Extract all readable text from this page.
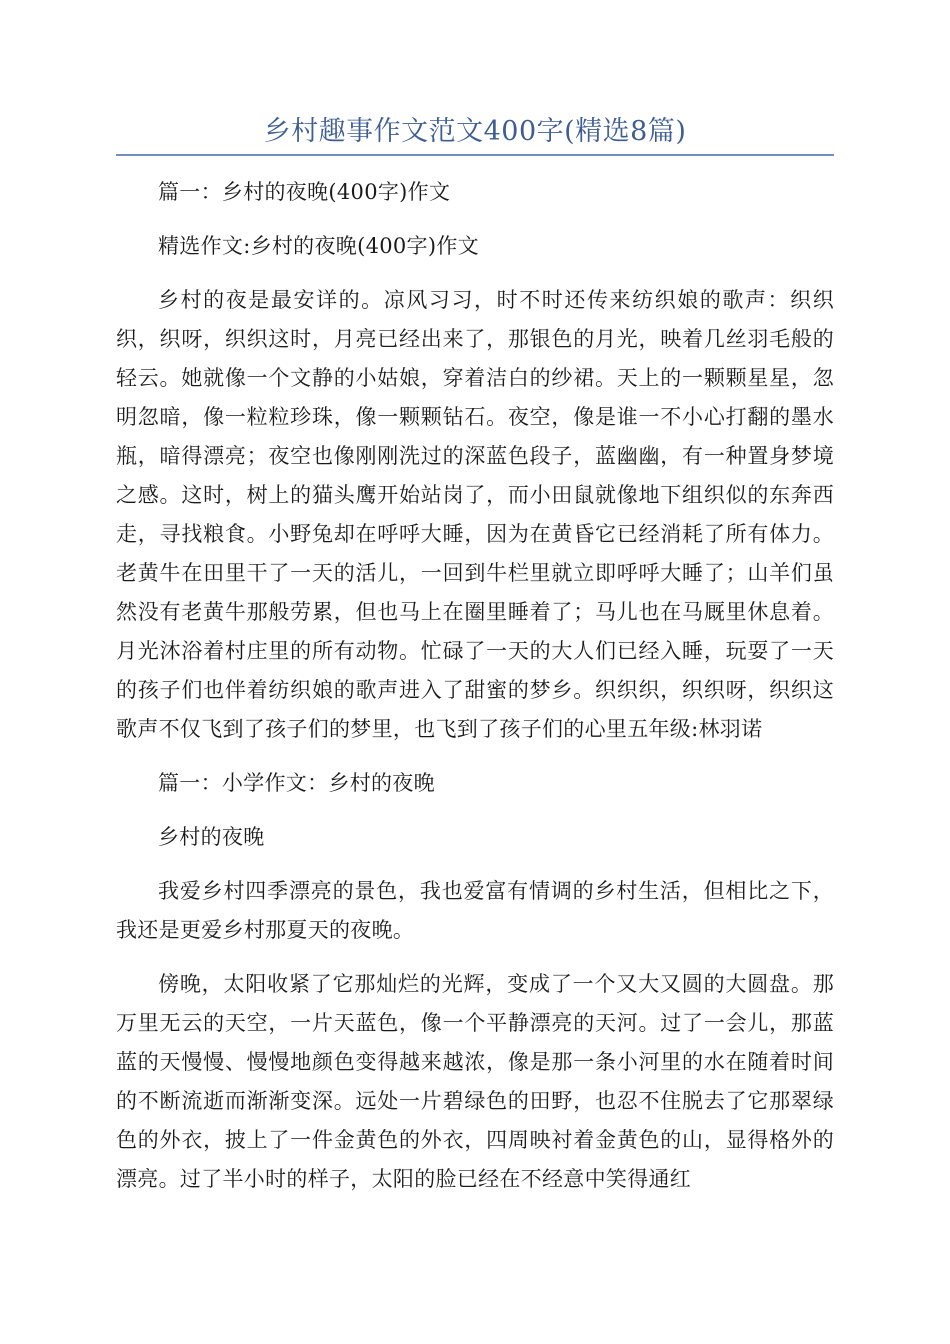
乡村趣事作文范文400字(精选8篇)

篇一：乡村的夜晚(400字)作文

精选作文:乡村的夜晚(400字)作文

乡村的夜是最安详的。凉风习习，时不时还传来纺织娘的歌声：织织织，织呀，织织这时，月亮已经出来了，那银色的月光，映着几丝羽毛般的轻云。她就像一个文静的小姑娘，穿着洁白的纱裙。天上的一颗颗星星，忽明忽暗，像一粒粒珍珠，像一颗颗钻石。夜空，像是谁一不小心打翻的墨水瓶，暗得漂亮；夜空也像刚刚洗过的深蓝色段子，蓝幽幽，有一种置身梦境之感。这时，树上的猫头鹰开始站岗了，而小田鼠就像地下组织似的东奔西走，寻找粮食。小野兔却在呼呼大睡，因为在黄昏它已经消耗了所有体力。老黄牛在田里干了一天的活儿，一回到牛栏里就立即呼呼大睡了；山羊们虽然没有老黄牛那般劳累，但也马上在圈里睡着了；马儿也在马厩里休息着。月光沐浴着村庄里的所有动物。忙碌了一天的大人们已经入睡，玩耍了一天的孩子们也伴着纺织娘的歌声进入了甜蜜的梦乡。织织织，织织呀，织织这歌声不仅飞到了孩子们的梦里，也飞到了孩子们的心里五年级:林羽诺

篇一：小学作文：乡村的夜晚

乡村的夜晚

我爱乡村四季漂亮的景色，我也爱富有情调的乡村生活，但相比之下，我还是更爱乡村那夏天的夜晚。

傍晚，太阳收紧了它那灿烂的光辉，变成了一个又大又圆的大圆盘。那万里无云的天空，一片天蓝色，像一个平静漂亮的天河。过了一会儿，那蓝蓝的天慢慢、慢慢地颜色变得越来越浓，像是那一条小河里的水在随着时间的不断流逝而渐渐变深。远处一片碧绿色的田野，也忍不住脱去了它那翠绿色的外衣，披上了一件金黄色的外衣，四周映衬着金黄色的山，显得格外的漂亮。过了半小时的样子，太阳的脸已经在不经意中笑得通红
